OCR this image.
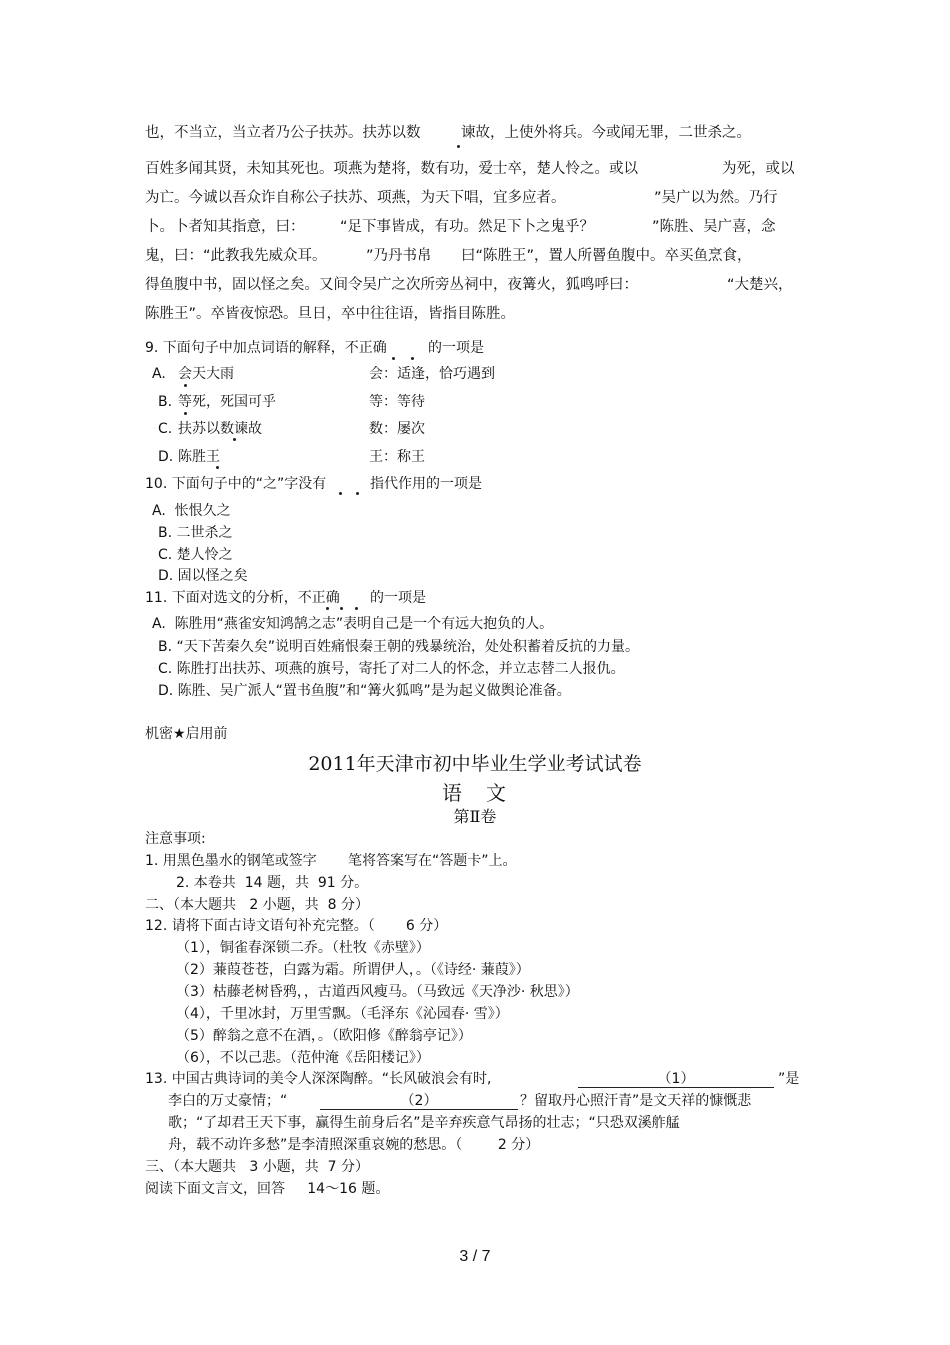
也，不当立，当立者乃公子扶苏。扶苏以数	谏故，上使外将兵。今或闻无罪，二世杀之。
百姓多闻其贤，未知其死也。项燕为楚将，数有功，爱士卒，楚人怜之。或以	为死，或以
为亡。今诚以吾众诈自称公子扶苏、项燕，为天下唱，宜多应者。	”吴广以为然。乃行
卜。卜者知其指意，曰： “足下事皆成，有功。然足下卜之鬼乎？	”陈胜、吴广喜，念
鬼，曰：“此教我先威众耳。	”乃丹书帛 曰“陈胜王”，置人所罾鱼腹中。卒买鱼烹食，
得鱼腹中书，固以怪之矣。又间令吴广之次所旁丛祠中，夜篝火，狐鸣呼曰：	“大楚兴，
陈胜王”。卒皆夜惊恐。旦日，卒中往往语，皆指目陈胜。
9. 下面句子中加点词语的解释，不正确	的一项是
A. 会天大雨	会：适逢，恰巧遇到
B. 等死，死国可乎	等：等待
C. 扶苏以数谏故	数：屡次
D. 陈胜王	王：称王
10. 下面句子中的“之”字没有	指代作用的一项是
A.  怅恨久之
B. 二世杀之
C. 楚人怜之
D. 固以怪之矣
11. 下面对选文的分析，不正确 的一项是
A.  陈胜用“燕雀安知鸿鹄之志”表明自己是一个有远大抱负的人。
B. “天下苦秦久矣”说明百姓痛恨秦王朝的残暴统治，处处积蓄着反抗的力量。
C. 陈胜打出扶苏、项燕的旗号，寄托了对二人的怀念，并立志替二人报仇。
D. 陈胜、吴广派人“置书鱼腹”和“篝火狐鸣”是为起义做舆论准备。
机密★启用前
2011年天津市初中毕业生学业考试试卷
语　文
第Ⅱ卷
注意事项:
1. 用黑色墨水的钢笔或签字 笔将答案写在“答题卡”上。
2. 本卷共  14 题，共  91 分。
二、（本大题共   2 小题，共  8 分）
12. 请将下面古诗文语句补充完整。（       6 分）
（1），铜雀春深锁二乔。（杜牧《赤壁》）
（2）蒹葭苍苍，白露为霜。所谓伊人，。（《诗经· 蒹葭》）
（3）枯藤老树昏鸦，，古道西风瘦马。（马致远《天净沙· 秋思》）
（4），千里冰封，万里雪飘。（毛泽东《沁园春· 雪》）
（5）醉翁之意不在酒，。（欧阳修《醉翁亭记》）
（6），不以己悲。（范仲淹《岳阳楼记》）
13. 中国古典诗词的美令人深深陶醉。“长风破浪会有时,	（1）	”是
李白的万丈豪情；“	（2）	？留取丹心照汗青”是文天祥的慷慨悲
歌；“了却君王天下事，赢得生前身后名”是辛弃疾意气昂扬的壮志；“只恐双溪舴艋
舟，载不动许多愁”是李清照深重哀婉的愁思。（        2 分）
三、（本大题共   3 小题，共  7 分）
阅读下面文言文，回答     14～16 题。
3 / 7
